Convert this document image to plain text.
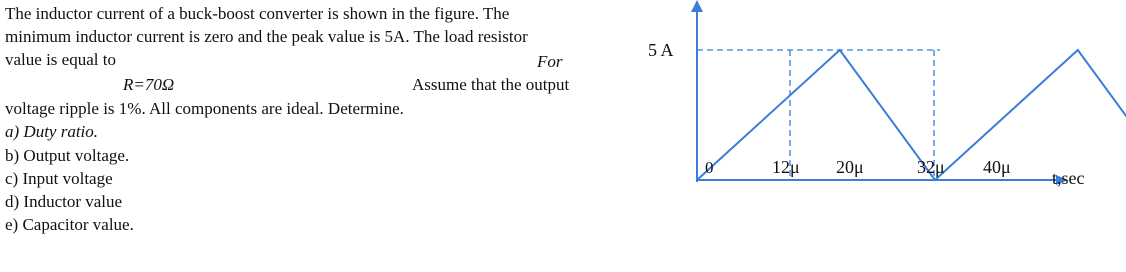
The inductor current of a buck-boost converter is shown in the figure. The
minimum inductor current is zero and the peak value is 5A. The load resistor
value is equal to	For
R=70Ω	Assume that the output
voltage ripple is 1%. All components are ideal. Determine.
a) Duty ratio.
b) Output voltage.
c) Input voltage
d) Inductor value
e) Capacitor value.
5 A
0	12μ 20μ	32μ 40μ
t,sec
